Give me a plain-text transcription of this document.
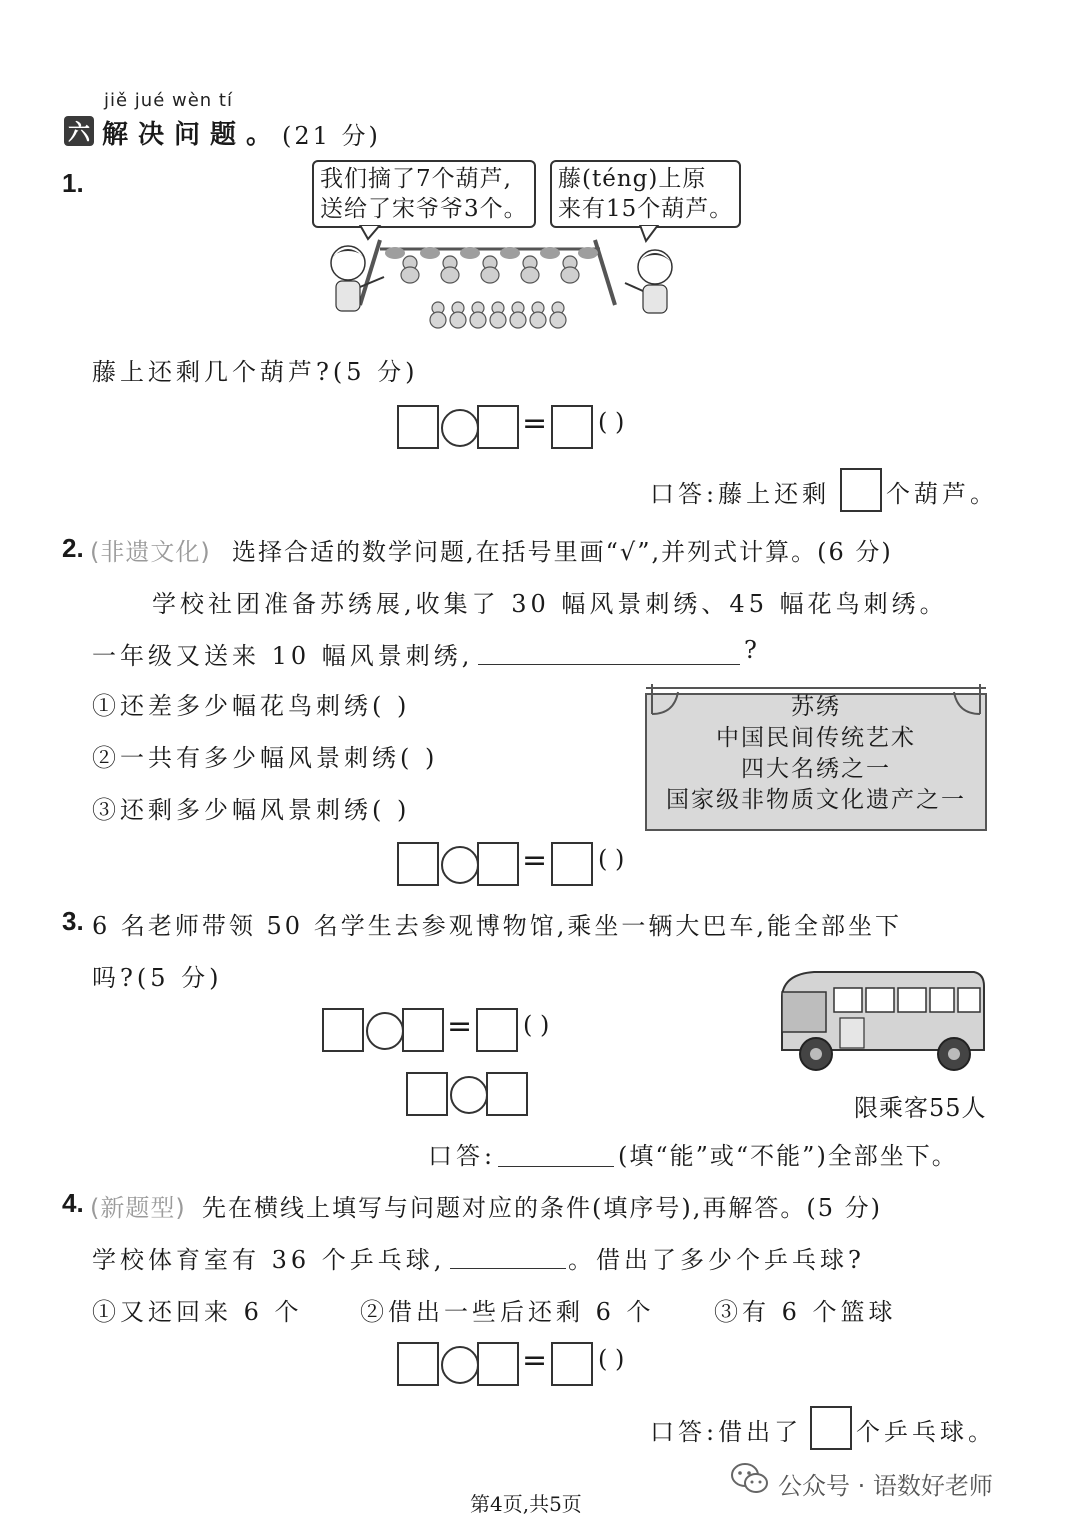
jiě jué wèn tí
六 解决问题。 (21 分)
1.	我们摘了7个葫芦,
送给了宋爷爷3个。
藤(téng)上原
来有15个葫芦。
藤上还剩几个葫芦?(5 分)
= ( )
口答:藤上还剩 个葫芦。
2. (非遗文化) 选择合适的数学问题,在括号里画“√”,并列式计算。(6 分)
学校社团准备苏绣展,收集了 30 幅风景刺绣、45 幅花鸟刺绣。
一年级又送来 10 幅风景刺绣,	?
①还差多少幅花鸟刺绣( )
②一共有多少幅风景刺绣( )
③还剩多少幅风景刺绣( )
苏绣
中国民间传统艺术
四大名绣之一
国家级非物质文化遗产之一
= ( )
3. 6 名老师带领 50 名学生去参观博物馆,乘坐一辆大巴车,能全部坐下
吗?(5 分)
= ( )
限乘客55人
口答:	(填“能”或“不能”)全部坐下。
4. (新题型) 先在横线上填写与问题对应的条件(填序号),再解答。(5 分)
学校体育室有 36 个乒乓球,	。借出了多少个乒乓球?
①又还回来 6 个 ②借出一些后还剩 6 个 ③有 6 个篮球
= ( )
口答:借出了 个乒乓球。
第4页,共5页
公众号 · 语数好老师
